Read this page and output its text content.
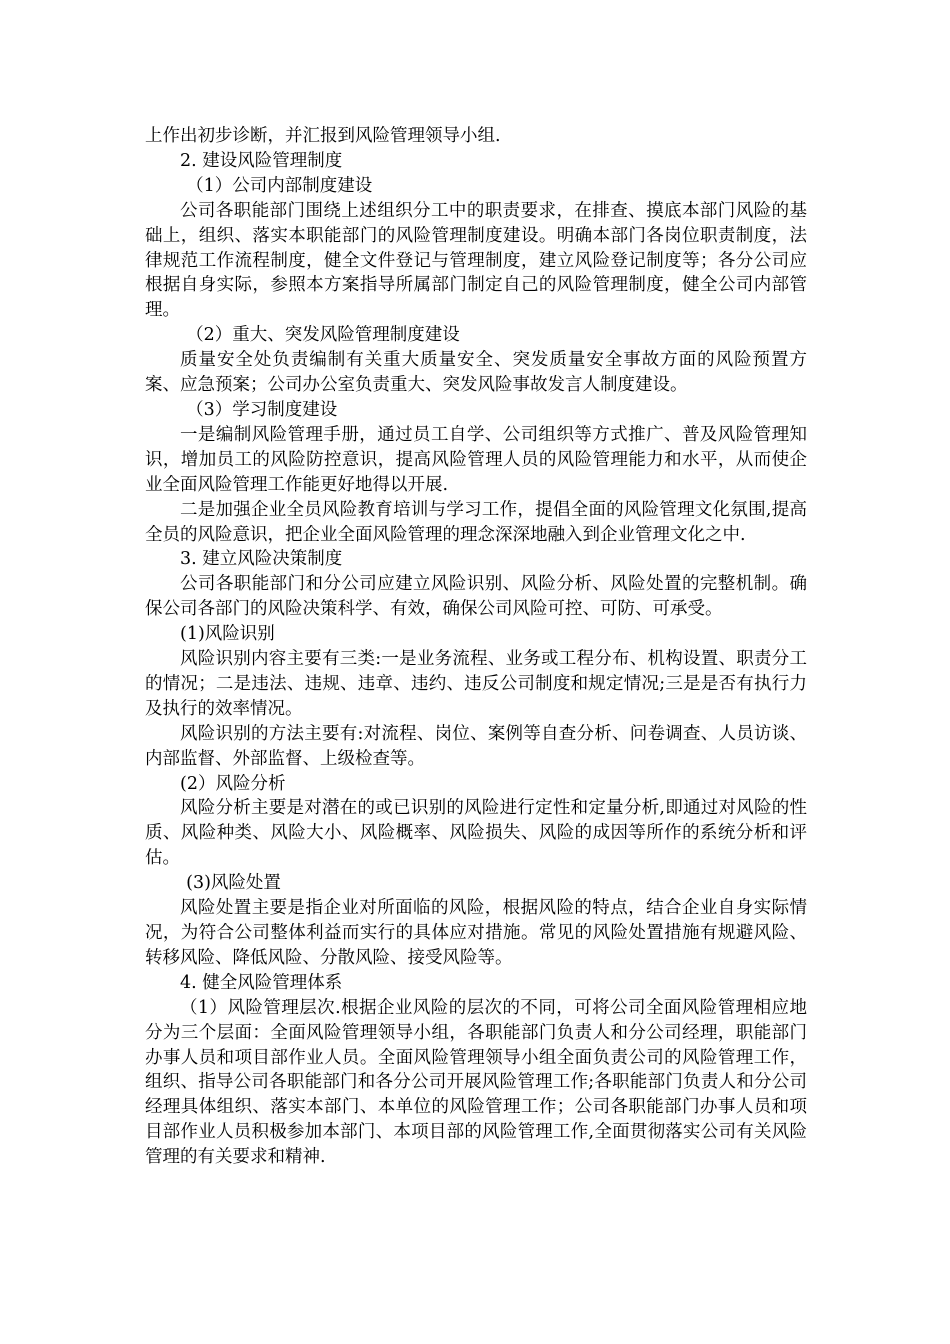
上作出初步诊断，并汇报到风险管理领导小组.

2. 建设风险管理制度

（1）公司内部制度建设

公司各职能部门围绕上述组织分工中的职责要求，在排查、摸底本部门风险的基础上，组织、落实本职能部门的风险管理制度建设。明确本部门各岗位职责制度，法律规范工作流程制度，健全文件登记与管理制度，建立风险登记制度等；各分公司应根据自身实际，参照本方案指导所属部门制定自己的风险管理制度，健全公司内部管理。

（2）重大、突发风险管理制度建设

质量安全处负责编制有关重大质量安全、突发质量安全事故方面的风险预置方案、应急预案；公司办公室负责重大、突发风险事故发言人制度建设。

（3）学习制度建设

一是编制风险管理手册，通过员工自学、公司组织等方式推广、普及风险管理知识，增加员工的风险防控意识，提高风险管理人员的风险管理能力和水平，从而使企业全面风险管理工作能更好地得以开展.

二是加强企业全员风险教育培训与学习工作，提倡全面的风险管理文化氛围,提高全员的风险意识，把企业全面风险管理的理念深深地融入到企业管理文化之中.

3. 建立风险决策制度

公司各职能部门和分公司应建立风险识别、风险分析、风险处置的完整机制。确保公司各部门的风险决策科学、有效，确保公司风险可控、可防、可承受。

(1)风险识别

风险识别内容主要有三类:一是业务流程、业务或工程分布、机构设置、职责分工的情况；二是违法、违规、违章、违约、违反公司制度和规定情况;三是是否有执行力及执行的效率情况。

风险识别的方法主要有:对流程、岗位、案例等自查分析、问卷调查、人员访谈、内部监督、外部监督、上级检查等。

(2）风险分析

风险分析主要是对潜在的或已识别的风险进行定性和定量分析,即通过对风险的性质、风险种类、风险大小、风险概率、风险损失、风险的成因等所作的系统分析和评估。

(3)风险处置

风险处置主要是指企业对所面临的风险，根据风险的特点，结合企业自身实际情况，为符合公司整体利益而实行的具体应对措施。常见的风险处置措施有规避风险、转移风险、降低风险、分散风险、接受风险等。

4. 健全风险管理体系

（1）风险管理层次.根据企业风险的层次的不同，可将公司全面风险管理相应地分为三个层面：全面风险管理领导小组，各职能部门负责人和分公司经理，职能部门办事人员和项目部作业人员。全面风险管理领导小组全面负责公司的风险管理工作，组织、指导公司各职能部门和各分公司开展风险管理工作;各职能部门负责人和分公司经理具体组织、落实本部门、本单位的风险管理工作；公司各职能部门办事人员和项目部作业人员积极参加本部门、本项目部的风险管理工作,全面贯彻落实公司有关风险管理的有关要求和精神.
